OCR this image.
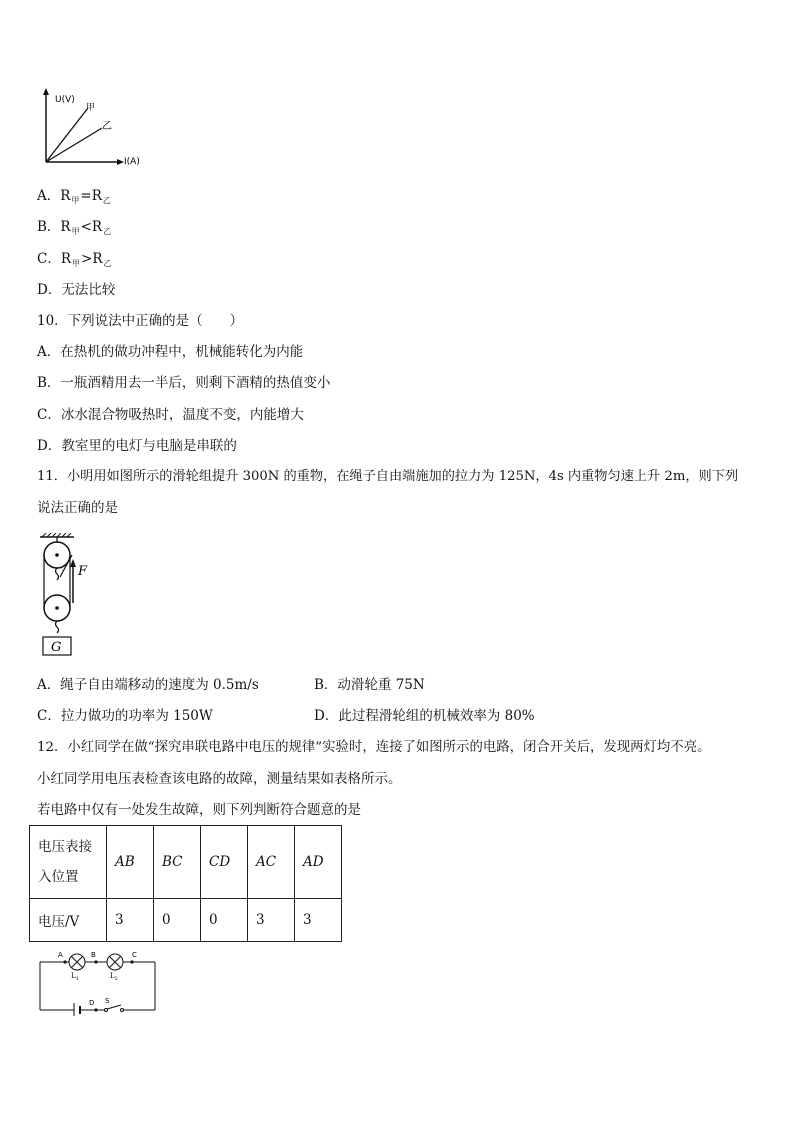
U(V)
I(A)
甲
乙
A．$R_甲=R_乙$
B．$R_甲<R_乙$
C．$R_甲>R_乙$
D．无法比较
10．下列说法中正确的是（　　）
A．在热机的做功冲程中，机械能转化为内能
B．一瓶酒精用去一半后，则剩下酒精的热值变小
C．冰水混合物吸热时，温度不变，内能增大
D．教室里的电灯与电脑是串联的
11．小明用如图所示的滑轮组提升 300N 的重物，在绳子自由端施加的拉力为 125N，4s 内重物匀速上升 2m，则下列
说法正确的是
F
G
A．绳子自由端移动的速度为 0.5m/s	B．动滑轮重 75N
C．拉力做功的功率为 150W	D．此过程滑轮组的机械效率为 80%
12．小红同学在做“探究串联电路中电压的规律”实验时，连接了如图所示的电路，闭合开关后，发现两灯均不亮。
小红同学用电压表检查该电路的故障，测量结果如表格所示。
若电路中仅有一处发生故障，则下列判断符合题意的是
电压表接入位置	AB	BC	CD	AC	AD
电压/V	3	0	0	3	3
A	B	C
D S
$L_1$	$L_2$
